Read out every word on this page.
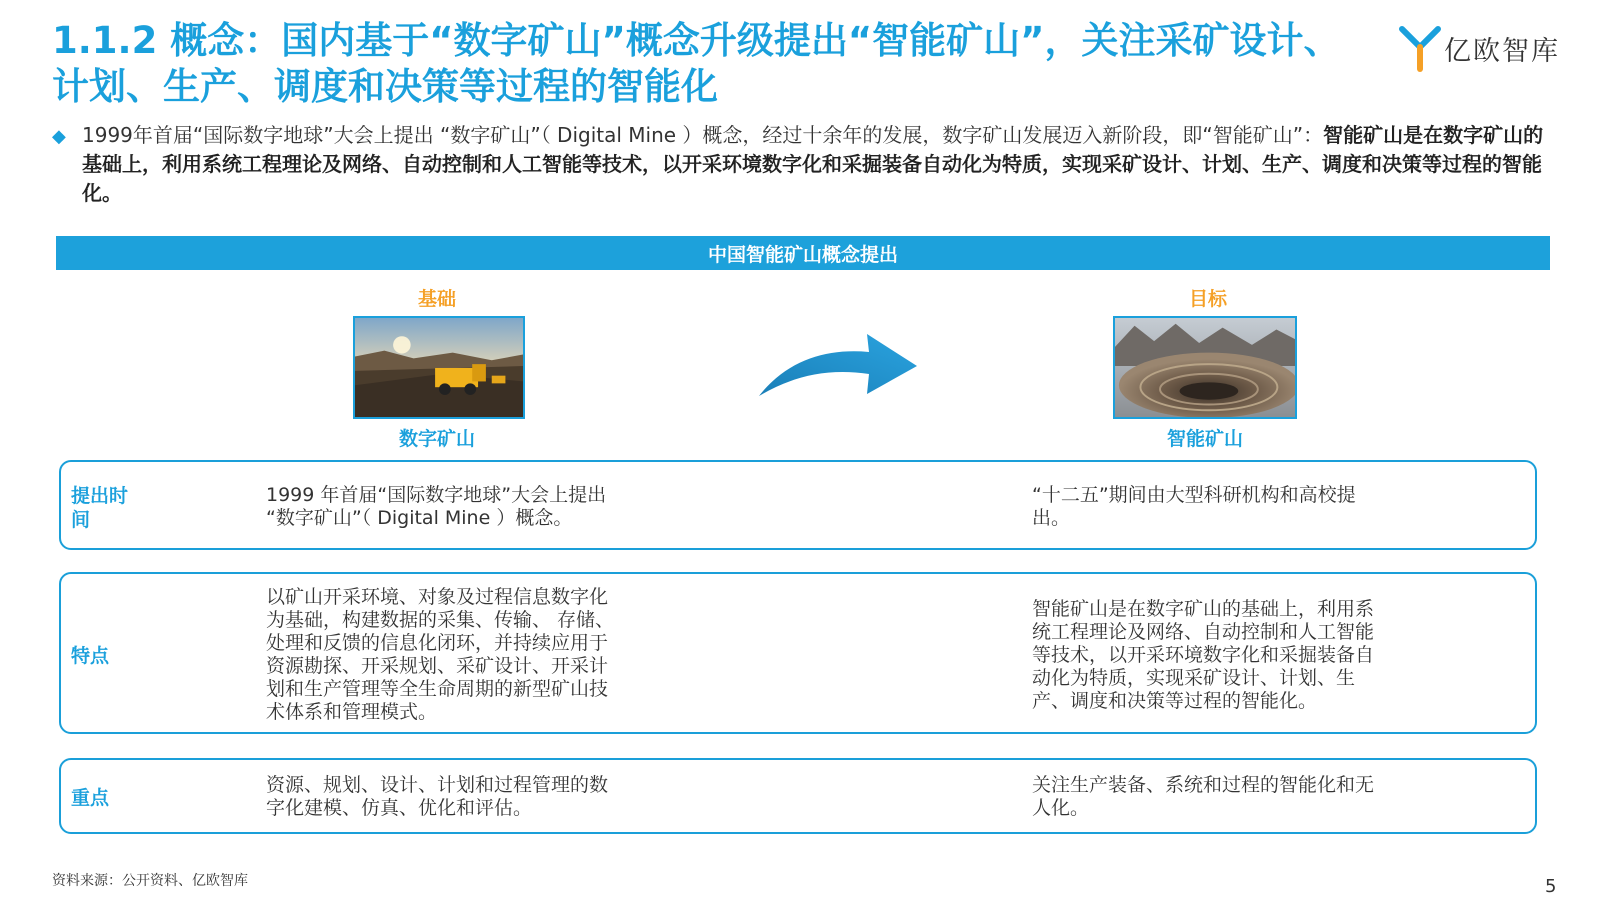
1.1.2 概念：国内基于“数字矿山”概念升级提出“智能矿山”，关注采矿设计、计划、生产、调度和决策等过程的智能化
亿欧智库
◆ 1999年首届“国际数字地球”大会上提出 “数字矿山”（ Digital Mine ）概念，经过十余年的发展，数字矿山发展迈入新阶段，即“智能矿山”：智能矿山是在数字矿山的基础上，利用系统工程理论及网络、自动控制和人工智能等技术，以开采环境数字化和采掘装备自动化为特质，实现采矿设计、计划、生产、调度和决策等过程的智能化。
中国智能矿山概念提出
基础
数字矿山
目标
智能矿山
提出时间
1999 年首届“国际数字地球”大会上提出 “数字矿山”（ Digital Mine ）概念。
“十二五”期间由大型科研机构和高校提出。
特点
以矿山开采环境、对象及过程信息数字化为基础，构建数据的采集、传输、 存储、处理和反馈的信息化闭环，并持续应用于资源勘探、开采规划、采矿设计、开采计划和生产管理等全生命周期的新型矿山技术体系和管理模式。
智能矿山是在数字矿山的基础上，利用系统工程理论及网络、自动控制和人工智能等技术，以开采环境数字化和采掘装备自动化为特质，实现采矿设计、计划、生产、调度和决策等过程的智能化。
重点
资源、规划、设计、计划和过程管理的数字化建模、仿真、优化和评估。
关注生产装备、系统和过程的智能化和无人化。
资料来源：公开资料、亿欧智库	5
